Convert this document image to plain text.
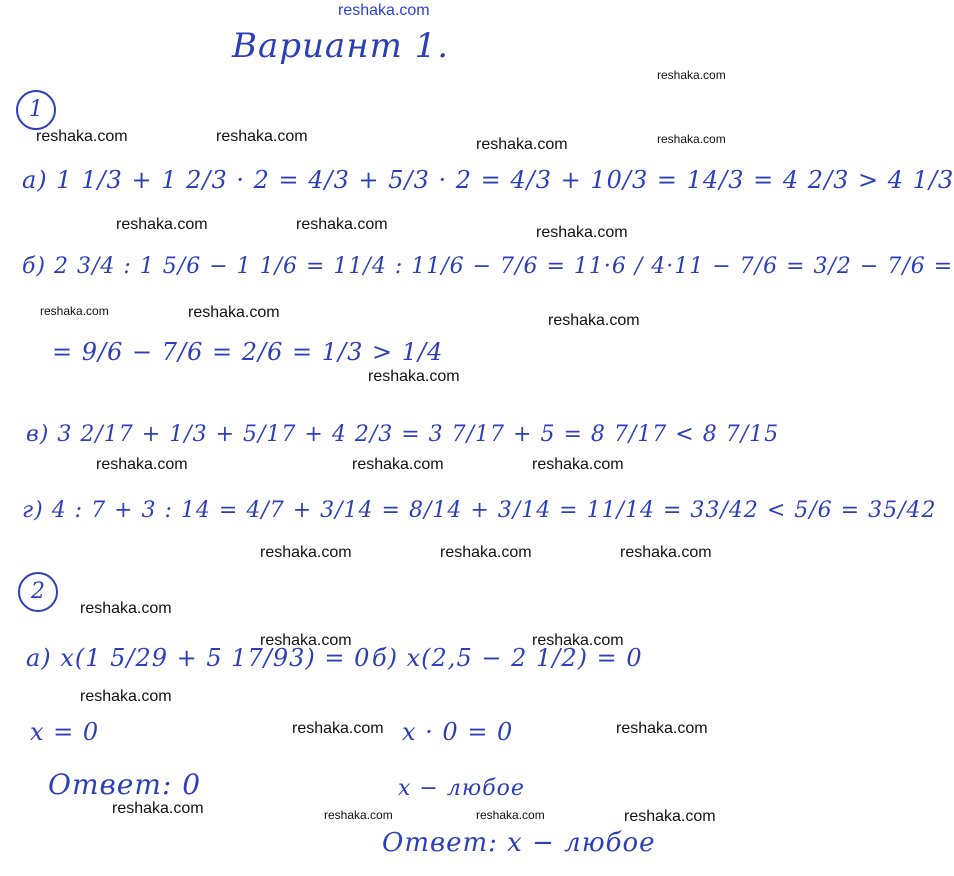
reshaka.com
Вариант 1.
reshaka.com
1
reshaka.com	reshaka.com	reshaka.com	reshaka.com
а) 1 1/3 + 1 2/3 · 2 = 4/3 + 5/3 · 2 = 4/3 + 10/3 = 14/3 = 4 2/3 > 4 1/3
reshaka.com	reshaka.com	reshaka.com
б) 2 3/4 : 1 5/6 − 1 1/6 = 11/4 : 11/6 − 7/6 = 11·6 / 4·11 − 7/6 = 3/2 − 7/6 =
reshaka.com	reshaka.com	reshaka.com
= 9/6 − 7/6 = 2/6 = 1/3 > 1/4
reshaka.com
в) 3 2/17 + 1/3 + 5/17 + 4 2/3 = 3 7/17 + 5 = 8 7/17 < 8 7/15
reshaka.com	reshaka.com	reshaka.com
г) 4 : 7 + 3 : 14 = 4/7 + 3/14 = 8/14 + 3/14 = 11/14 = 33/42 < 5/6 = 35/42
reshaka.com	reshaka.com	reshaka.com
2
reshaka.com
а) x(1 5/29 + 5 17/93) = 0
reshaka.com
б) x(2,5 − 2 1/2) = 0
reshaka.com
reshaka.com
x = 0	reshaka.com x · 0 = 0	reshaka.com
Ответ: 0	x − любое
reshaka.com	reshaka.com	reshaka.com	reshaka.com
Ответ: x − любое
